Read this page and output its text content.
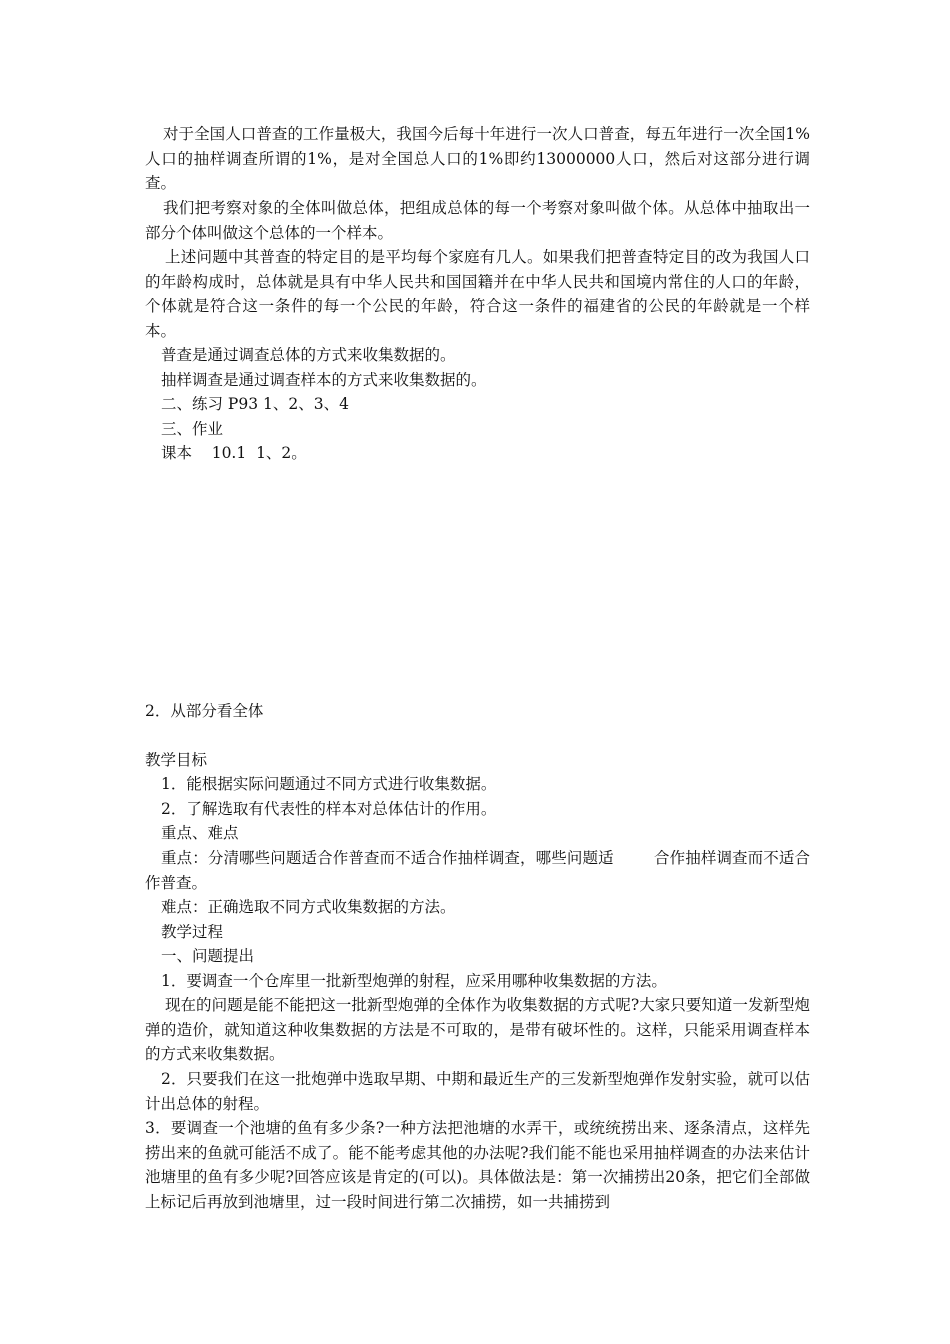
对于全国人口普查的工作量极大，我国今后每十年进行一次人口普查，每五年进行一次全国1%人口的抽样调查所谓的1%，是对全国总人口的1%即约13000000人口，然后对这部分进行调查。

我们把考察对象的全体叫做总体，把组成总体的每一个考察对象叫做个体。从总体中抽取出一部分个体叫做这个总体的一个样本。

上述问题中其普查的特定目的是平均每个家庭有几人。如果我们把普查特定目的改为我国人口的年龄构成时，总体就是具有中华人民共和国国籍并在中华人民共和国境内常住的人口的年龄，个体就是符合这一条件的每一个公民的年龄，符合这一条件的福建省的公民的年龄就是一个样本。

普查是通过调查总体的方式来收集数据的。

抽样调查是通过调查样本的方式来收集数据的。

二、练习 P93 1、2、3、4

三、作业

课本    10.1  1、2。

2．从部分看全体

教学目标

1．能根据实际问题通过不同方式进行收集数据。

2．了解选取有代表性的样本对总体估计的作用。

重点、难点

重点：分清哪些问题适合作普查而不适合作抽样调查，哪些问题适        合作抽样调查而不适合作普查。

难点：正确选取不同方式收集数据的方法。

教学过程

一、问题提出

1．要调查一个仓库里一批新型炮弹的射程，应采用哪种收集数据的方法。

现在的问题是能不能把这一批新型炮弹的全体作为收集数据的方式呢?大家只要知道一发新型炮弹的造价，就知道这种收集数据的方法是不可取的，是带有破坏性的。这样，只能采用调查样本的方式来收集数据。

2．只要我们在这一批炮弹中选取早期、中期和最近生产的三发新型炮弹作发射实验，就可以估计出总体的射程。

3．要调查一个池塘的鱼有多少条?一种方法把池塘的水弄干，或统统捞出来、逐条清点，这样先捞出来的鱼就可能活不成了。能不能考虑其他的办法呢?我们能不能也采用抽样调查的办法来估计池塘里的鱼有多少呢?回答应该是肯定的(可以)。具体做法是：第一次捕捞出20条，把它们全部做上标记后再放到池塘里，过一段时间进行第二次捕捞，如一共捕捞到
